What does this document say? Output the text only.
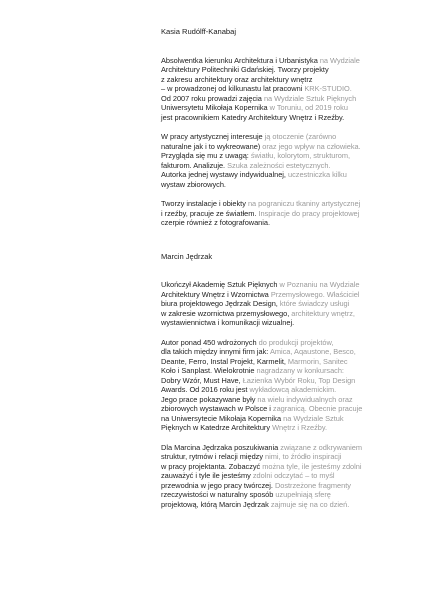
Kasia Rudólff-Kanabaj

Absolwentka kierunku Architektura i Urbanistyka na Wydziale
Architektury Politechniki Gdańskiej. Tworzy projekty
z zakresu architektury oraz architektury wnętrz
– w prowadzonej od kilkunastu lat pracowni KRK-STUDIO.
Od 2007 roku prowadzi zajęcia na Wydziale Sztuk Pięknych
Uniwersytetu Mikołaja Kopernika w Toruniu, od 2019 roku
jest pracownikiem Katedry Architektury Wnętrz i Rzeźby.

W pracy artystycznej interesuje ją otoczenie (zarówno
naturalne jak i to wykreowane) oraz jego wpływ na człowieka.
Przygląda się mu z uwagą: światłu, kolorytom, strukturom,
fakturom. Analizuje. Szuka zależności estetycznych.
Autorka jednej wystawy indywidualnej, uczestniczka kilku
wystaw zbiorowych.

Tworzy instalacje i obiekty na pograniczu tkaniny artystycznej
i rzeźby, pracuje ze światłem. Inspiracje do pracy projektowej
czerpie również z fotografowania.

Marcin Jędrzak

Ukończył Akademię Sztuk Pięknych w Poznaniu na Wydziale
Architektury Wnętrz i Wzornictwa Przemysłowego. Właściciel
biura projektowego Jędrzak Design, które świadczy usługi
w zakresie wzornictwa przemysłowego, architektury wnętrz,
wystawiennictwa i komunikacji wizualnej.

Autor ponad 450 wdrożonych do produkcji projektów,
dla takich między innymi firm jak: Amica, Aqaustone, Besco,
Deante, Ferro, Instal Projekt, Karmelit, Marmorin, Sanitec
Koło i Sanplast. Wielokrotnie nagradzany w konkursach:
Dobry Wzór, Must Have, Łazienka Wybór Roku, Top Design
Awards. Od 2016 roku jest wykładowcą akademickim.
Jego prace pokazywane były na wielu indywidualnych oraz
zbiorowych wystawach w Polsce i zagranicą. Obecnie pracuje
na Uniwersytecie Mikołaja Kopernika na Wydziale Sztuk
Pięknych w Katedrze Architektury Wnętrz i Rzeźby.

Dla Marcina Jędrzaka poszukiwania związane z odkrywaniem
struktur, rytmów i relacji między nimi, to źródło inspiracji
w pracy projektanta. Zobaczyć można tyle, ile jesteśmy zdolni
zauważyć i tyle ile jesteśmy zdolni odczytać – to myśl
przewodnia w jego pracy twórczej. Dostrzeżone fragmenty
rzeczywistości w naturalny sposób uzupełniają sferę
projektową, którą Marcin Jędrzak zajmuje się na co dzień.
